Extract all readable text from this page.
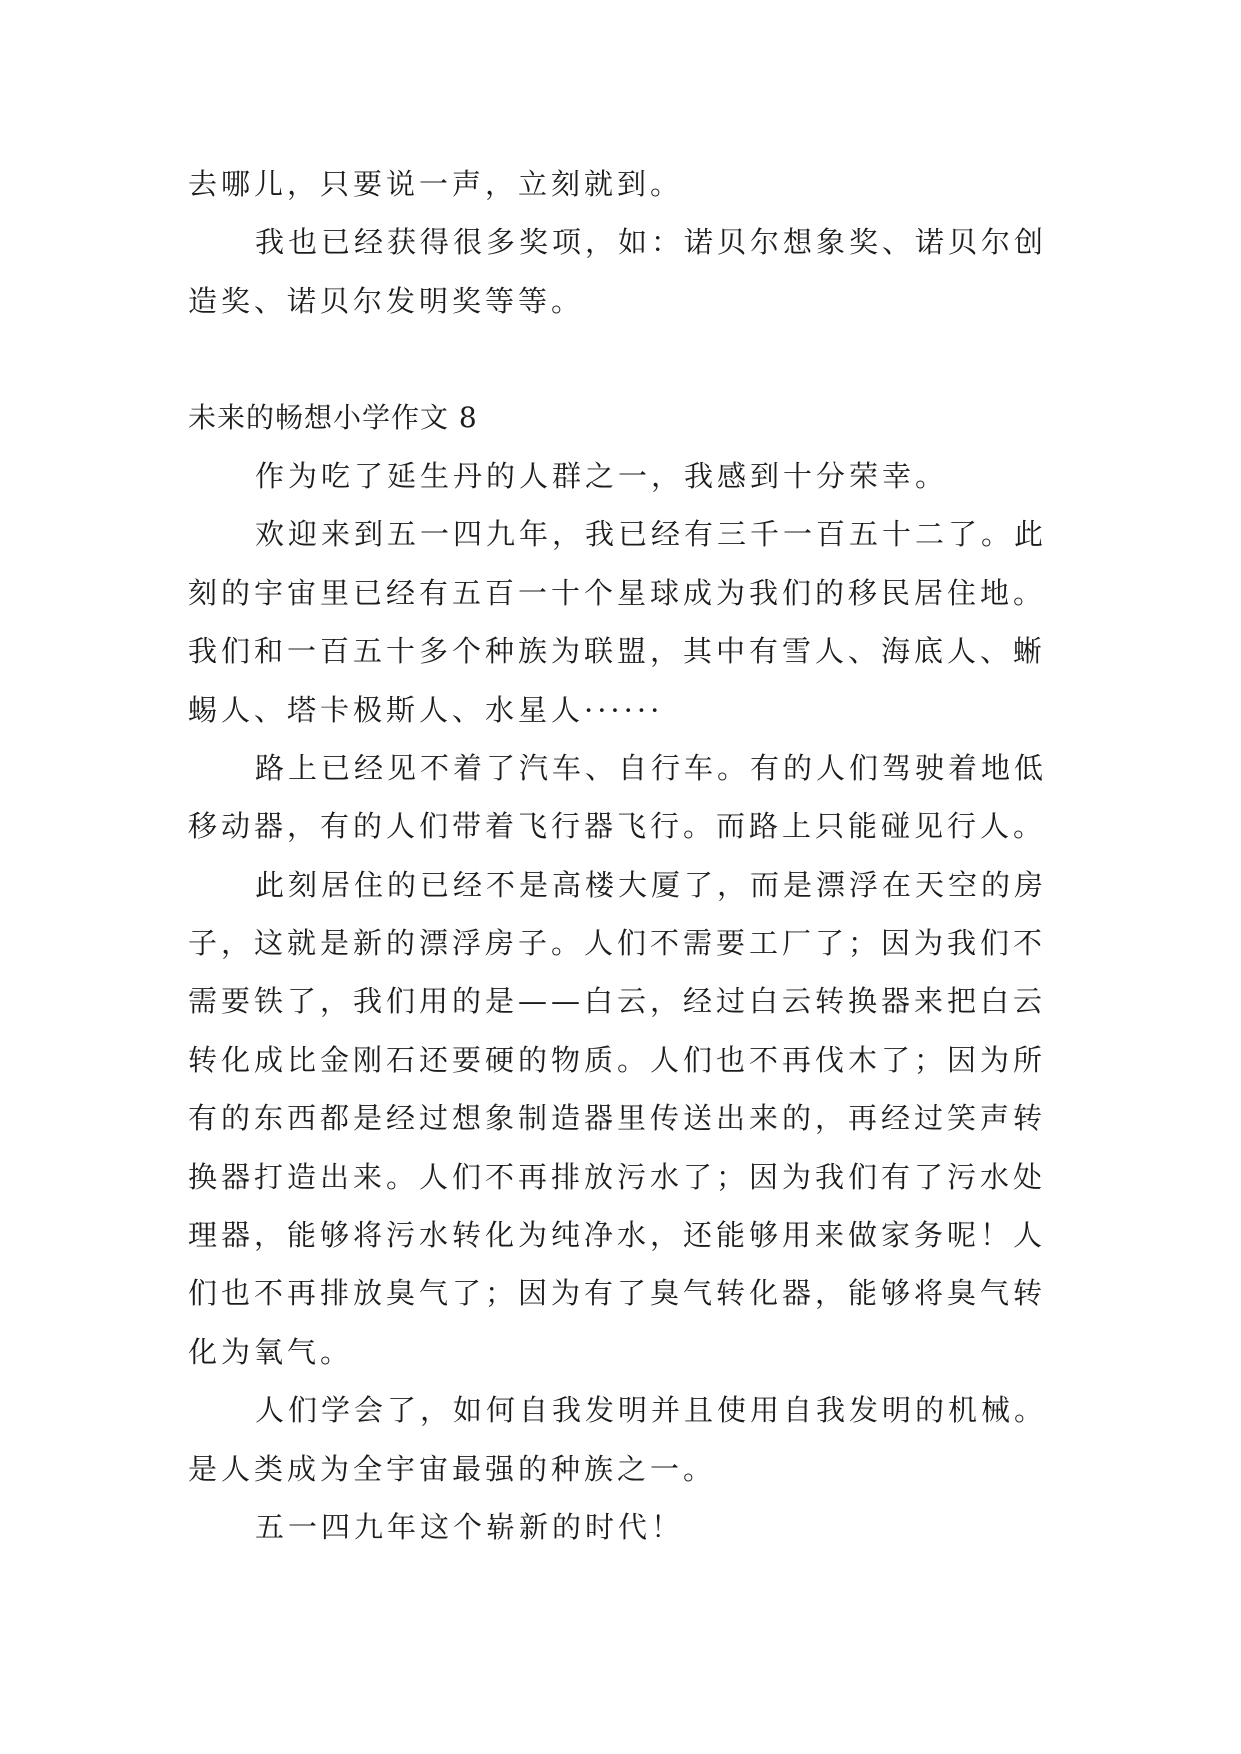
去哪儿，只要说一声，立刻就到。
我也已经获得很多奖项，如：诺贝尔想象奖、诺贝尔创
造奖、诺贝尔发明奖等等。
未来的畅想小学作文 8
作为吃了延生丹的人群之一，我感到十分荣幸。
欢迎来到五一四九年，我已经有三千一百五十二了。此
刻的宇宙里已经有五百一十个星球成为我们的移民居住地。
我们和一百五十多个种族为联盟，其中有雪人、海底人、蜥
蜴人、塔卡极斯人、水星人······
路上已经见不着了汽车、自行车。有的人们驾驶着地低
移动器，有的人们带着飞行器飞行。而路上只能碰见行人。
此刻居住的已经不是高楼大厦了，而是漂浮在天空的房
子，这就是新的漂浮房子。人们不需要工厂了；因为我们不
需要铁了，我们用的是——白云，经过白云转换器来把白云
转化成比金刚石还要硬的物质。人们也不再伐木了；因为所
有的东西都是经过想象制造器里传送出来的，再经过笑声转
换器打造出来。人们不再排放污水了；因为我们有了污水处
理器，能够将污水转化为纯净水，还能够用来做家务呢！人
们也不再排放臭气了；因为有了臭气转化器，能够将臭气转
化为氧气。
人们学会了，如何自我发明并且使用自我发明的机械。
是人类成为全宇宙最强的种族之一。
五一四九年这个崭新的时代！
